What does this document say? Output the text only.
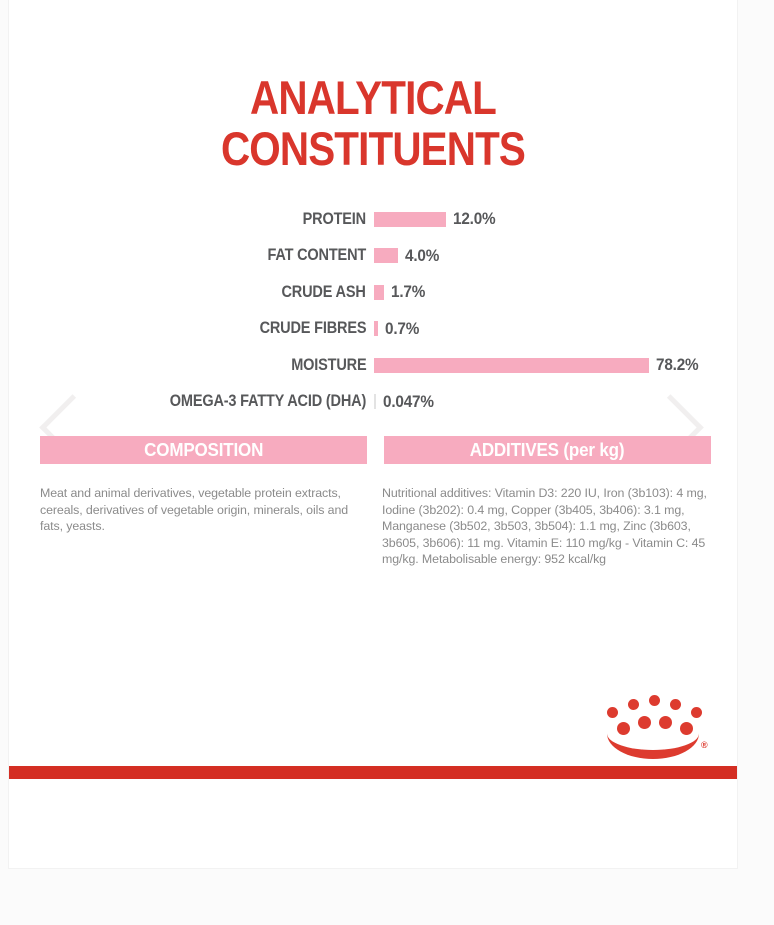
ANALYTICAL
CONSTITUENTS
PROTEIN	12.0%
FAT CONTENT 4.0%
CRUDE ASH 1.7%
CRUDE FIBRES 0.7%
MOISTURE	78.2%
OMEGA-3 FATTY ACID (DHA) 0.047%
COMPOSITION	ADDITIVES (per kg)
Meat and animal derivatives, vegetable protein extracts, cereals, derivatives of vegetable origin, minerals, oils and fats, yeasts.
Nutritional additives: Vitamin D3: 220 IU, Iron (3b103): 4 mg, Iodine (3b202): 0.4 mg, Copper (3b405, 3b406): 3.1 mg, Manganese (3b502, 3b503, 3b504): 1.1 mg, Zinc (3b603, 3b605, 3b606): 11 mg. Vitamin E: 110 mg/kg - Vitamin C: 45 mg/kg. Metabolisable energy: 952 kcal/kg
®
